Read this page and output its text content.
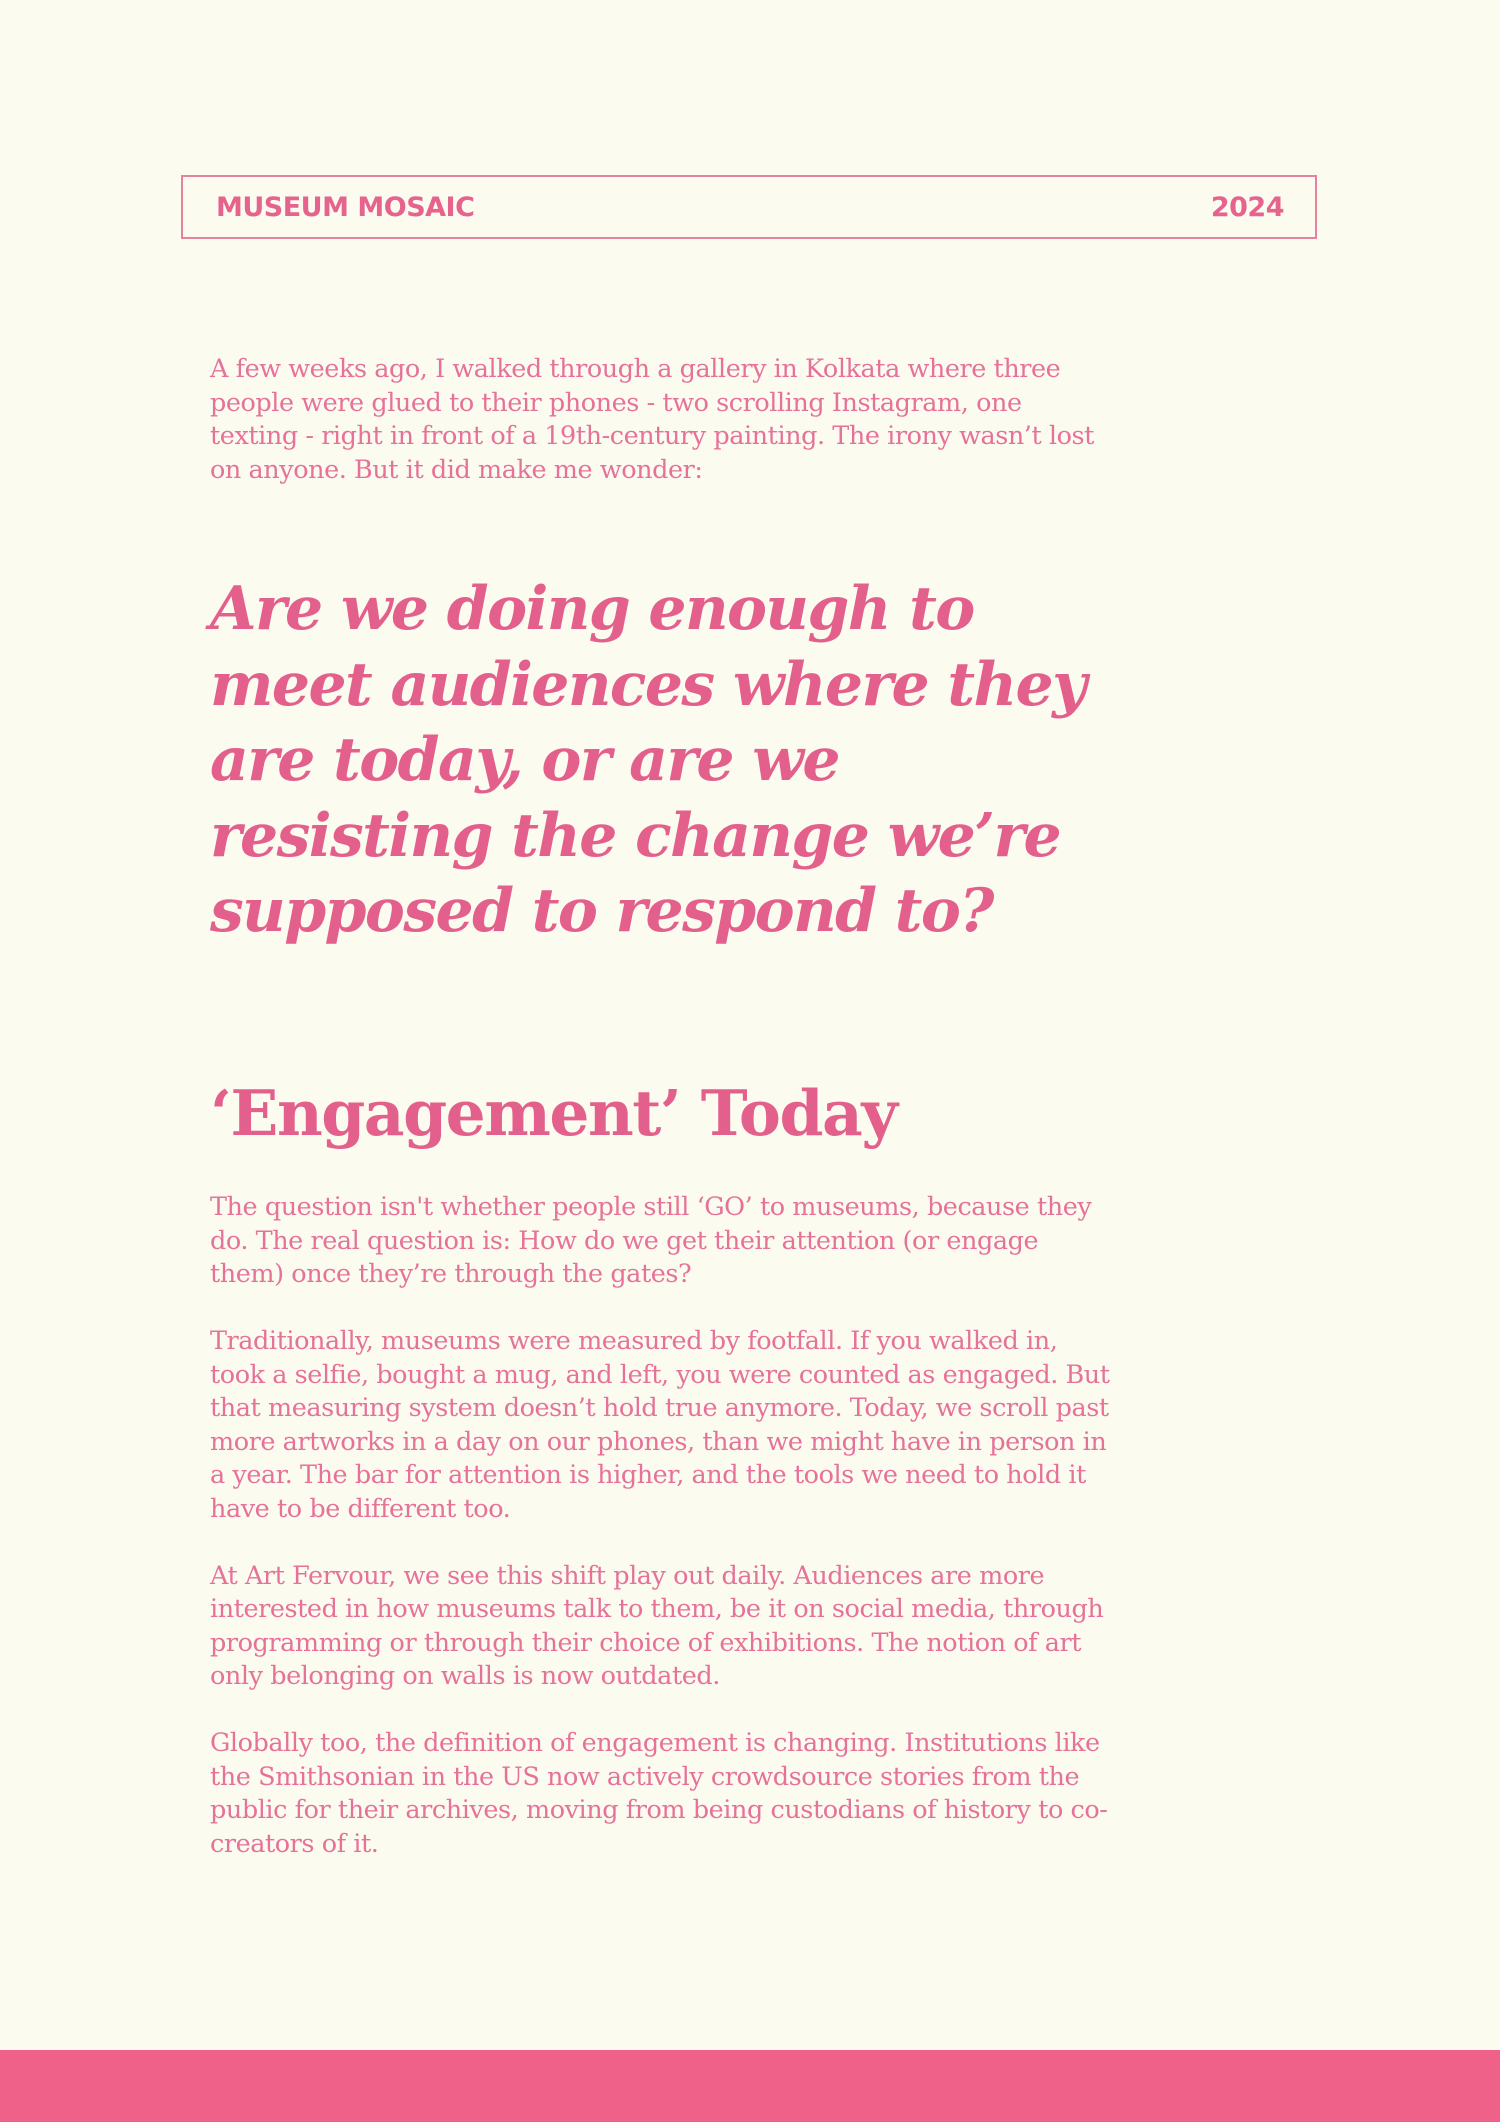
MUSEUM MOSAIC	2024

A few weeks ago, I walked through a gallery in Kolkata where three people were glued to their phones - two scrolling Instagram, one texting - right in front of a 19th-century painting. The irony wasn’t lost on anyone. But it did make me wonder:

Are we doing enough to meet audiences where they are today, or are we resisting the change we’re supposed to respond to?

‘Engagement’ Today

The question isn't whether people still ‘GO’ to museums, because they do. The real question is: How do we get their attention (or engage them) once they’re through the gates?

Traditionally, museums were measured by footfall. If you walked in, took a selfie, bought a mug, and left, you were counted as engaged. But that measuring system doesn’t hold true anymore. Today, we scroll past more artworks in a day on our phones, than we might have in person in a year. The bar for attention is higher, and the tools we need to hold it have to be different too.

At Art Fervour, we see this shift play out daily. Audiences are more interested in how museums talk to them, be it on social media, through programming or through their choice of exhibitions. The notion of art only belonging on walls is now outdated.

Globally too, the definition of engagement is changing. Institutions like the Smithsonian in the US now actively crowdsource stories from the public for their archives, moving from being custodians of history to co-creators of it.
